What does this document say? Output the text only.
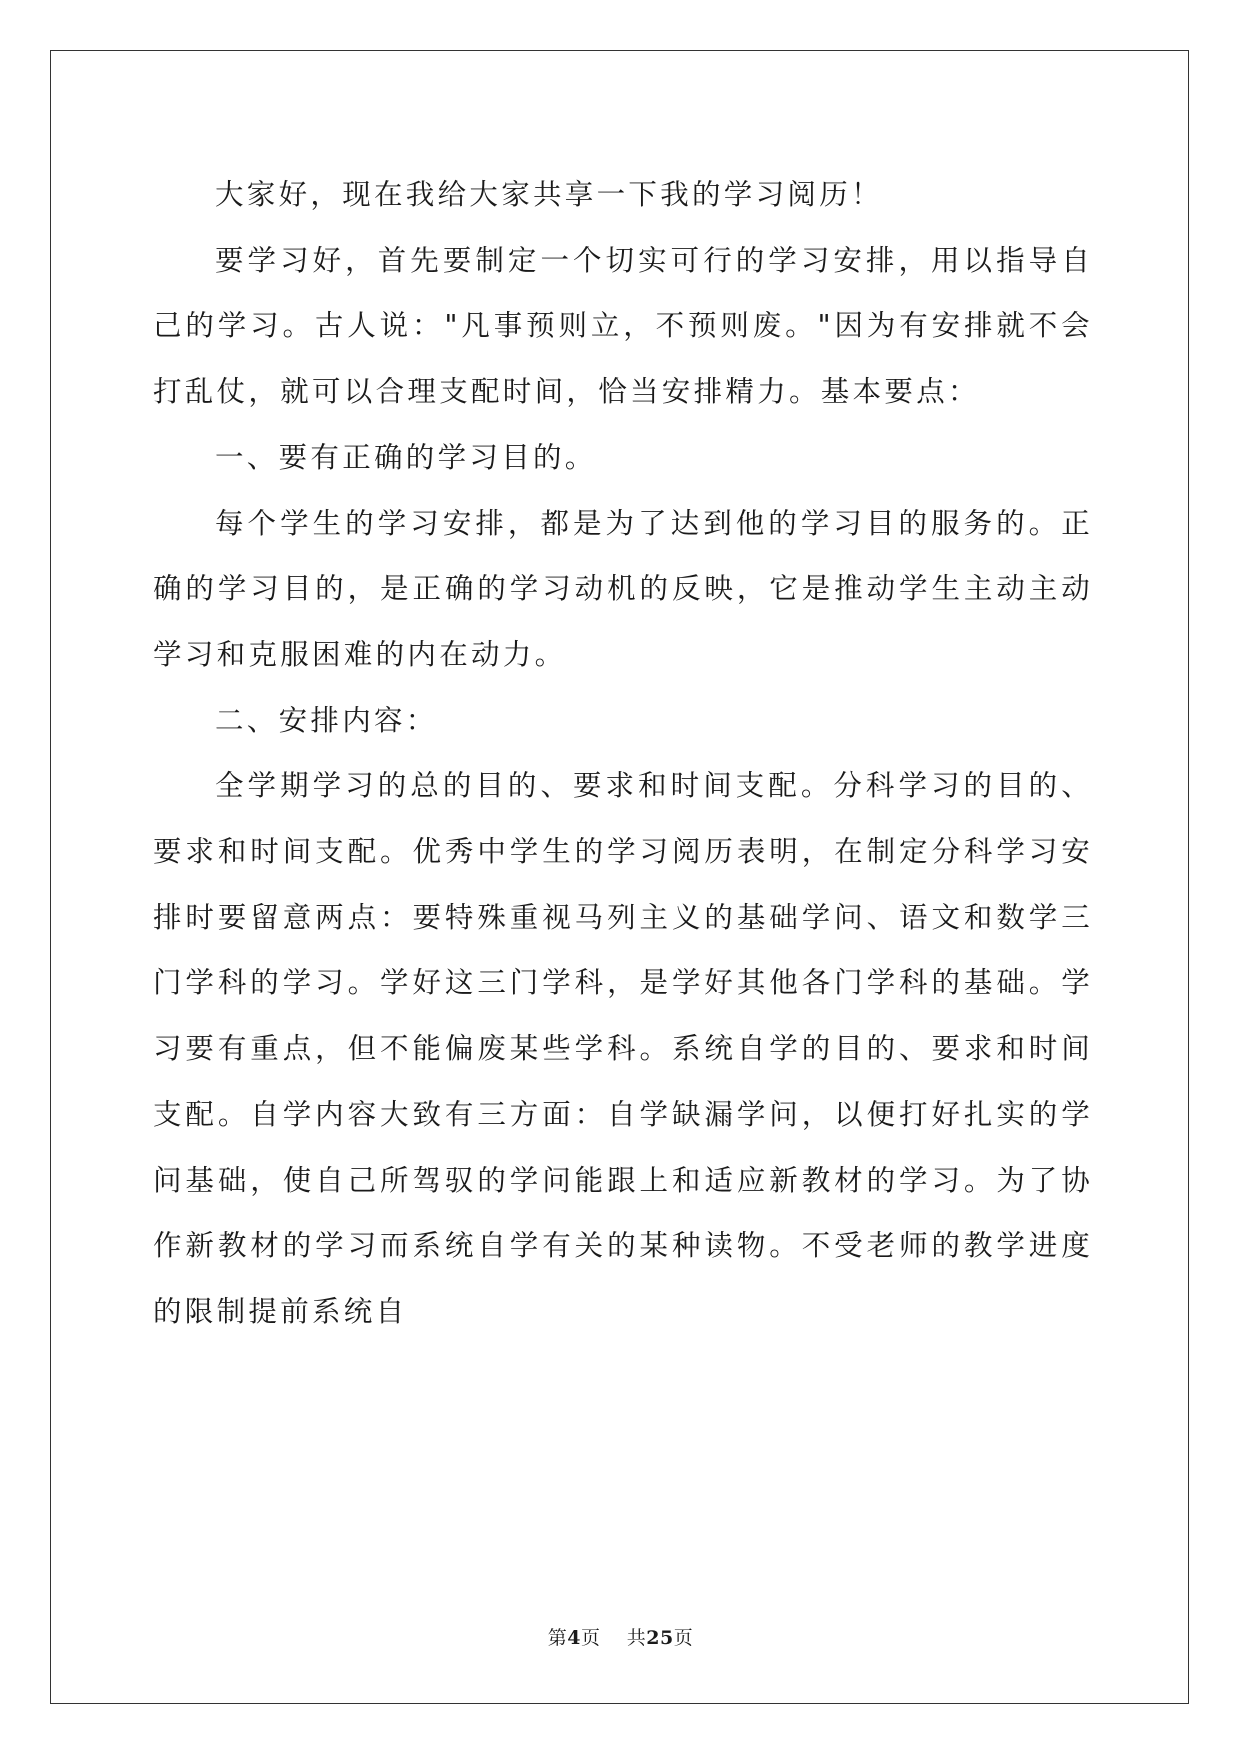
大家好，现在我给大家共享一下我的学习阅历！

要学习好，首先要制定一个切实可行的学习安排，用以指导自己的学习。古人说："凡事预则立，不预则废。"因为有安排就不会打乱仗，就可以合理支配时间，恰当安排精力。基本要点：

一、要有正确的学习目的。

每个学生的学习安排，都是为了达到他的学习目的服务的。正确的学习目的，是正确的学习动机的反映，它是推动学生主动主动学习和克服困难的内在动力。

二、安排内容：

全学期学习的总的目的、要求和时间支配。分科学习的目的、要求和时间支配。优秀中学生的学习阅历表明，在制定分科学习安排时要留意两点：要特殊重视马列主义的基础学问、语文和数学三门学科的学习。学好这三门学科，是学好其他各门学科的基础。学习要有重点，但不能偏废某些学科。系统自学的目的、要求和时间支配。自学内容大致有三方面：自学缺漏学问，以便打好扎实的学问基础，使自己所驾驭的学问能跟上和适应新教材的学习。为了协作新教材的学习而系统自学有关的某种读物。不受老师的教学进度的限制提前系统自

第4页 共25页
